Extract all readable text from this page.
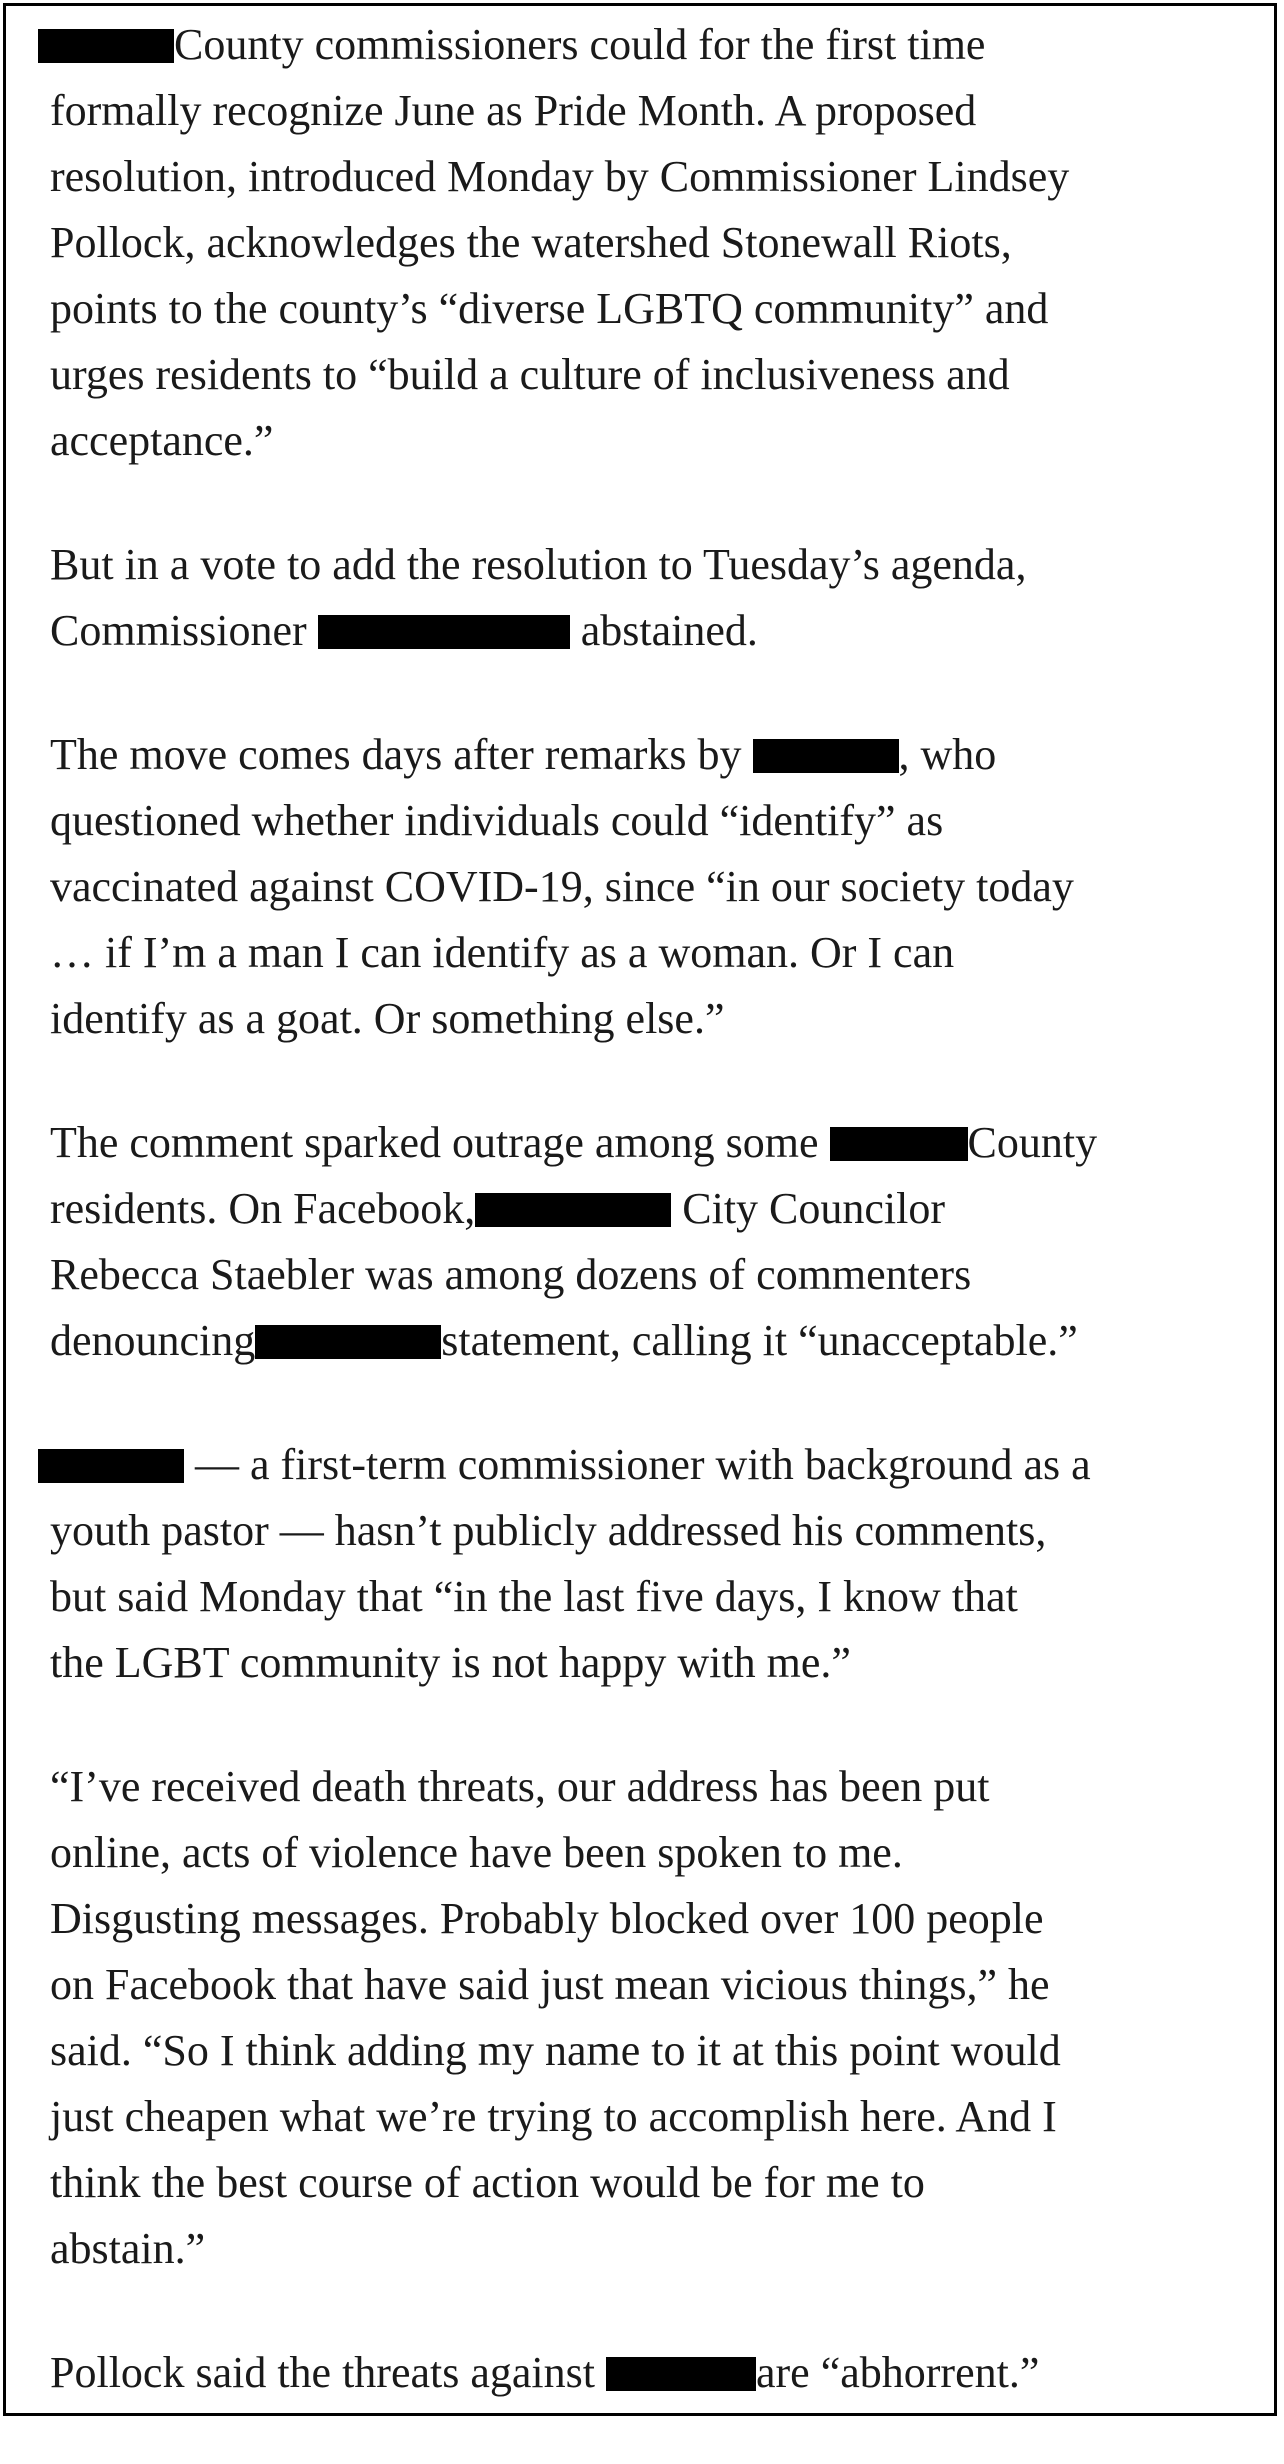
County commissioners could for the first time
formally recognize June as Pride Month. A proposed
resolution, introduced Monday by Commissioner Lindsey
Pollock, acknowledges the watershed Stonewall Riots,
points to the county’s “diverse LGBTQ community” and
urges residents to “build a culture of inclusiveness and
acceptance.”
But in a vote to add the resolution to Tuesday’s agenda,
Commissioner	abstained.
The move comes days after remarks by	, who
questioned whether individuals could “identify” as
vaccinated against COVID-19, since “in our society today
… if I’m a man I can identify as a woman. Or I can
identify as a goat. Or something else.”
The comment sparked outrage among some	County
residents. On Facebook,	City Councilor
Rebecca Staebler was among dozens of commenters
denouncing	statement, calling it “unacceptable.”
— a first-term commissioner with background as a
youth pastor — hasn’t publicly addressed his comments,
but said Monday that “in the last five days, I know that
the LGBT community is not happy with me.”
“I’ve received death threats, our address has been put
online, acts of violence have been spoken to me.
Disgusting messages. Probably blocked over 100 people
on Facebook that have said just mean vicious things,” he
said. “So I think adding my name to it at this point would
just cheapen what we’re trying to accomplish here. And I
think the best course of action would be for me to
abstain.”
Pollock said the threats against	are “abhorrent.”
